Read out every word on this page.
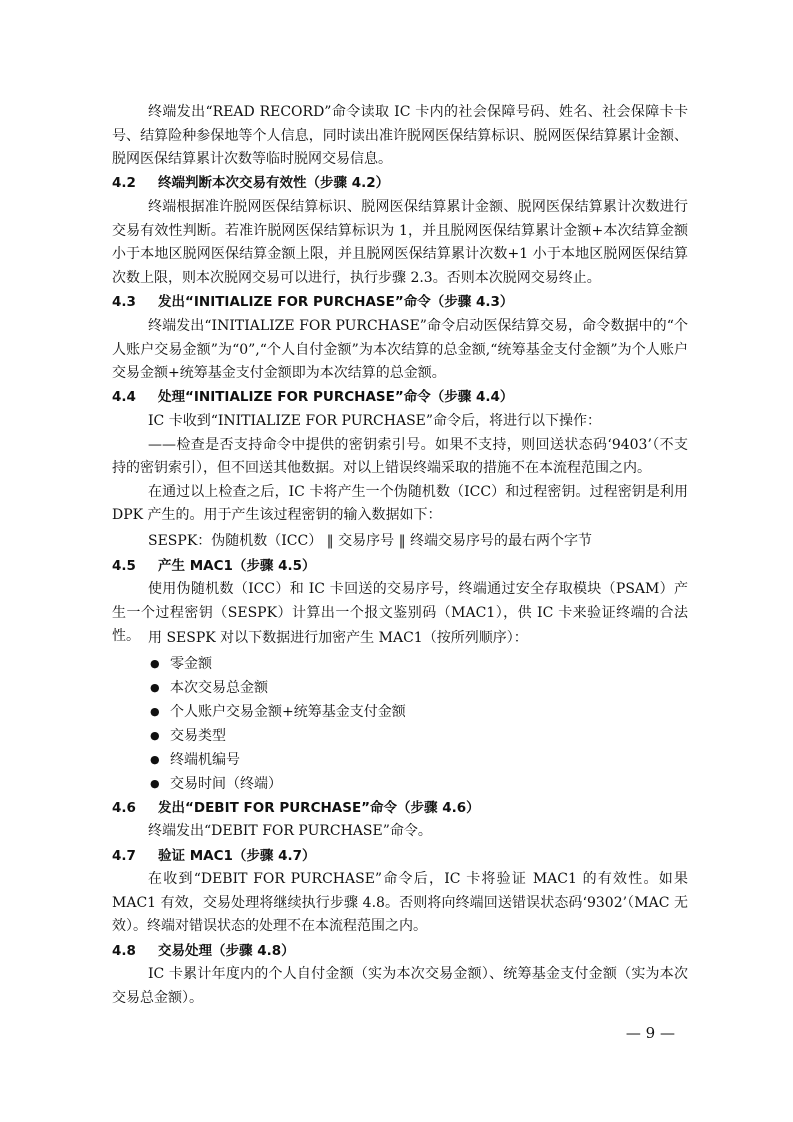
终端发出“READ RECORD”命令读取 IC 卡内的社会保障号码、姓名、社会保障卡卡号、结算险种参保地等个人信息，同时读出准许脱网医保结算标识、脱网医保结算累计金额、脱网医保结算累计次数等临时脱网交易信息。

4.2 终端判断本次交易有效性（步骤 4.2）

终端根据准许脱网医保结算标识、脱网医保结算累计金额、脱网医保结算累计次数进行交易有效性判断。若准许脱网医保结算标识为 1，并且脱网医保结算累计金额+本次结算金额小于本地区脱网医保结算金额上限，并且脱网医保结算累计次数+1 小于本地区脱网医保结算次数上限，则本次脱网交易可以进行，执行步骤 2.3。否则本次脱网交易终止。

4.3 发出“INITIALIZE FOR PURCHASE”命令（步骤 4.3）

终端发出“INITIALIZE FOR PURCHASE”命令启动医保结算交易，命令数据中的“个人账户交易金额”为“0”,“个人自付金额”为本次结算的总金额,“统筹基金支付金额”为个人账户交易金额+统筹基金支付金额即为本次结算的总金额。

4.4 处理“INITIALIZE FOR PURCHASE”命令（步骤 4.4）

IC 卡收到“INITIALIZE FOR PURCHASE”命令后，将进行以下操作：

——检查是否支持命令中提供的密钥索引号。如果不支持，则回送状态码‘9403’（不支持的密钥索引），但不回送其他数据。对以上错误终端采取的措施不在本流程范围之内。

在通过以上检查之后，IC 卡将产生一个伪随机数（ICC）和过程密钥。过程密钥是利用 DPK 产生的。用于产生该过程密钥的输入数据如下：

SESPK：伪随机数（ICC） ‖ 交易序号 ‖ 终端交易序号的最右两个字节
4.5 产生 MAC1（步骤 4.5）

使用伪随机数（ICC）和 IC 卡回送的交易序号，终端通过安全存取模块（PSAM）产生一个过程密钥（SESPK）计算出一个报文鉴别码（MAC1），供 IC 卡来验证终端的合法性。 用 SESPK 对以下数据进行加密产生 MAC1（按所列顺序）：
● 零金额
● 本次交易总金额
● 个人账户交易金额+统筹基金支付金额
● 交易类型
● 终端机编号
● 交易时间（终端）
4.6 发出“DEBIT FOR PURCHASE”命令（步骤 4.6）
终端发出“DEBIT FOR PURCHASE”命令。
4.7 验证 MAC1（步骤 4.7）

在收到“DEBIT FOR PURCHASE”命令后，IC 卡将验证 MAC1 的有效性。如果 MAC1 有效，交易处理将继续执行步骤 4.8。否则将向终端回送错误状态码‘9302’（MAC 无效）。终端对错误状态的处理不在本流程范围之内。

4.8 交易处理（步骤 4.8）

IC 卡累计年度内的个人自付金额（实为本次交易金额）、统筹基金支付金额（实为本次交易总金额）。

— 9 —
